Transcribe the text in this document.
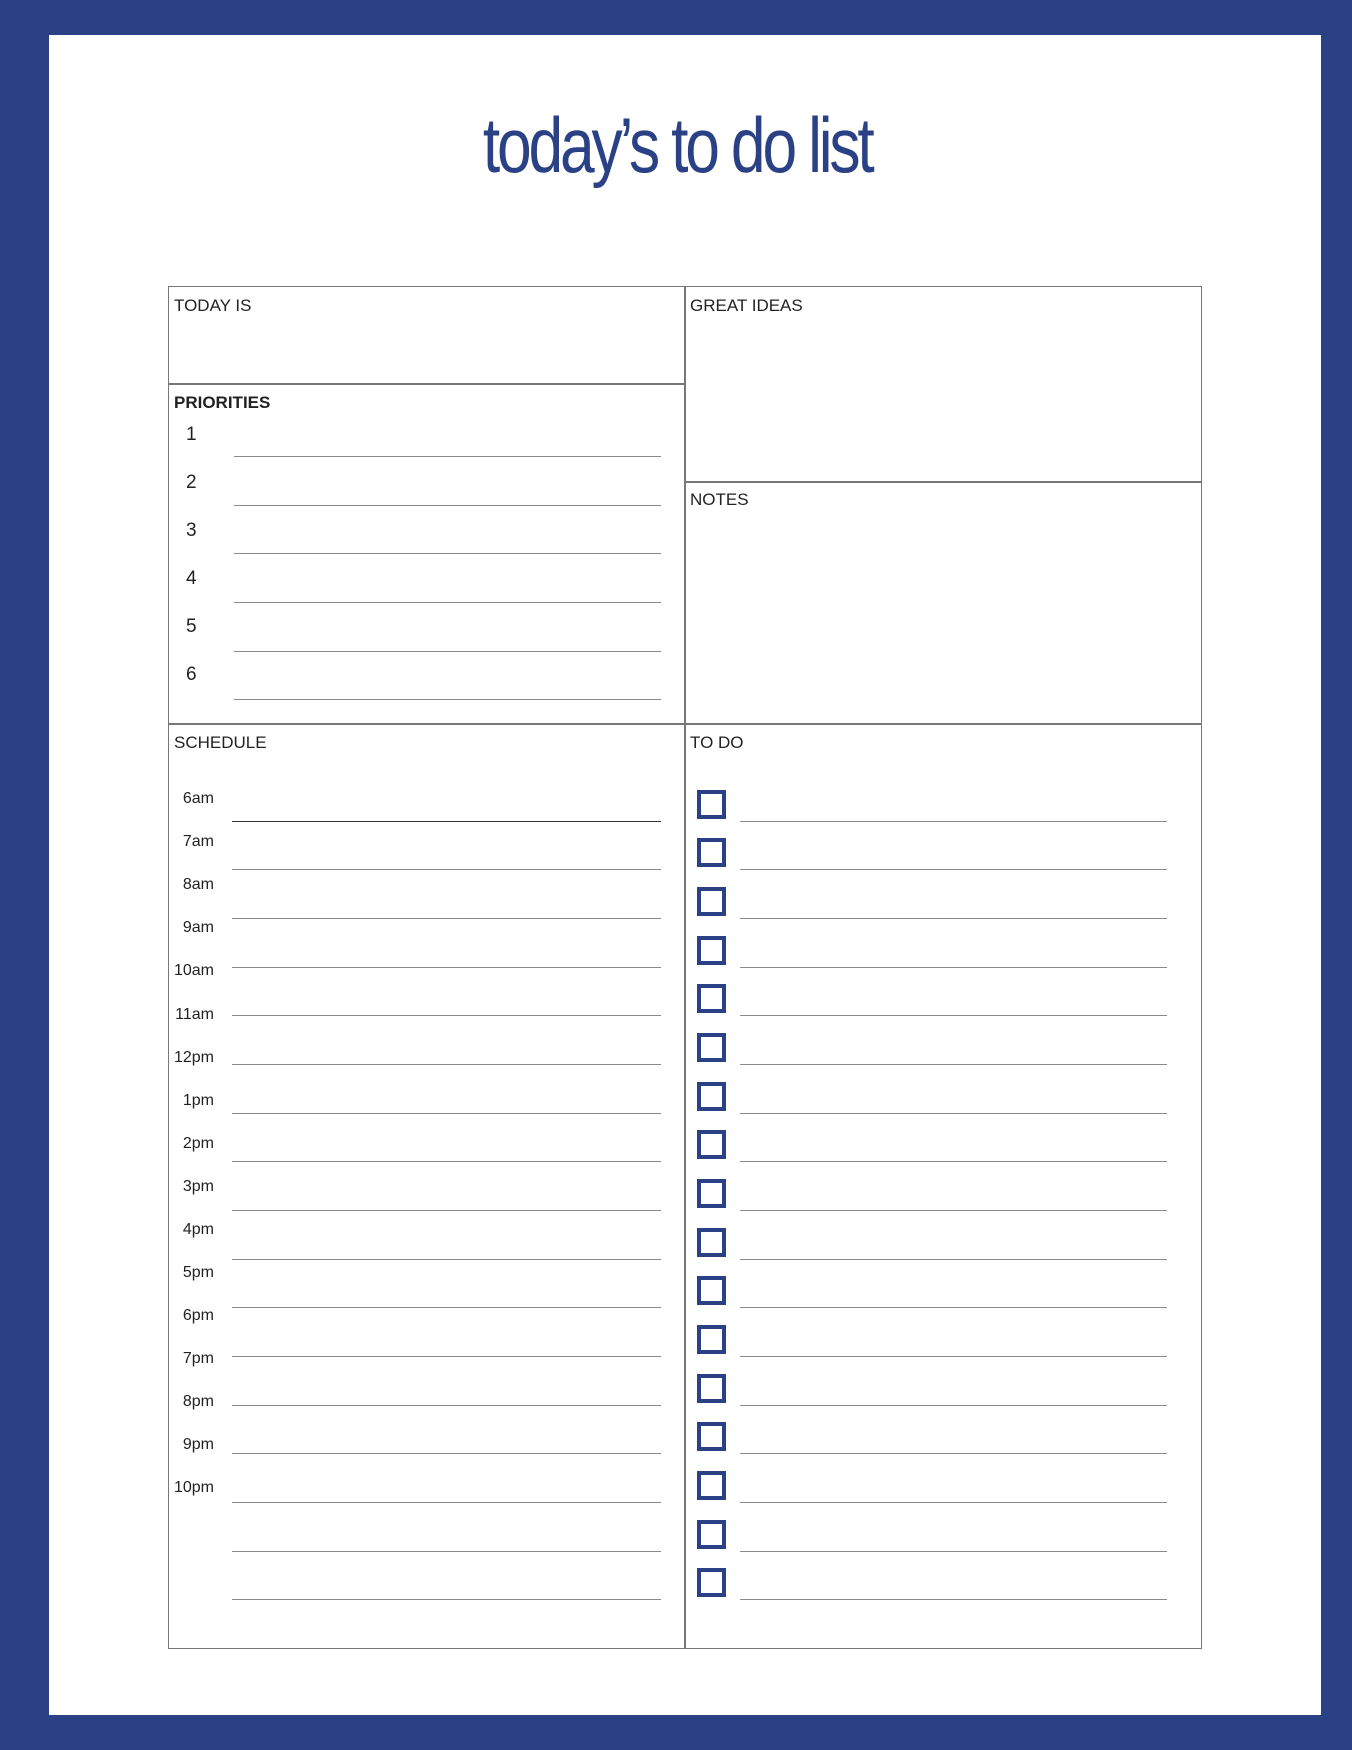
today’s to do list
TODAY IS	GREAT IDEAS
PRIORITIES
NOTES
SCHEDULE	TO DO
1
2
3
4
5
6
6am
7am
8am
9am
10am
11am
12pm
1pm
2pm
3pm
4pm
5pm
6pm
7pm
8pm
9pm
10pm
